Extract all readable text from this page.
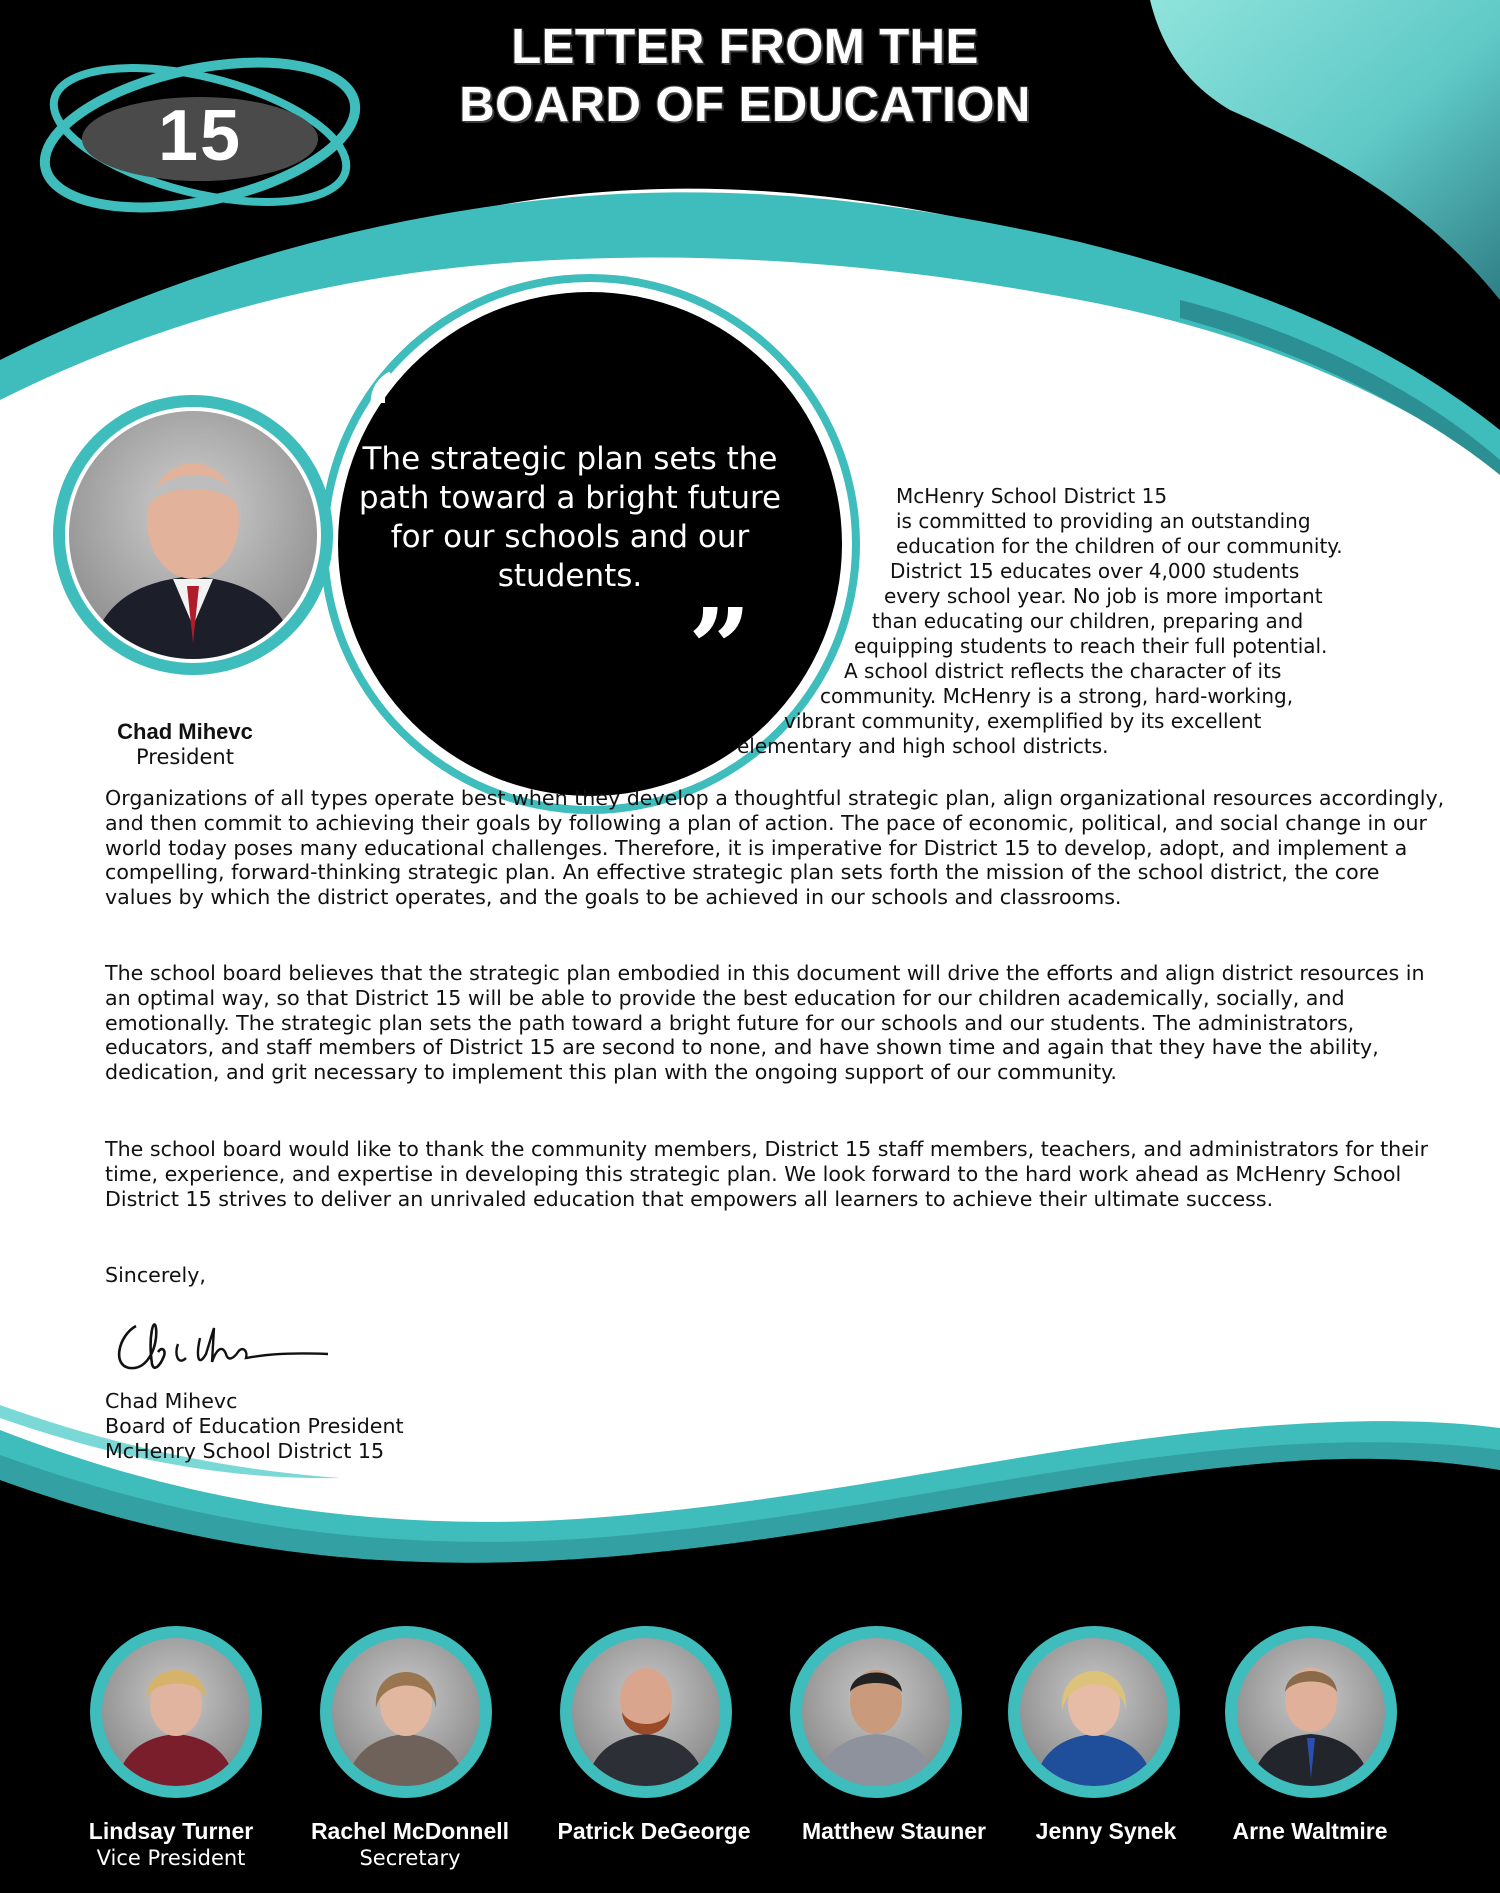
LETTER FROM THE
BOARD OF EDUCATION
15
Chad Mihevc
President
“
The strategic plan sets the path toward a bright future for our schools and our students.
”
McHenry School District 15
is committed to providing an outstanding
education for the children of our community.
District 15 educates over 4,000 students
every school year. No job is more important
than educating our children, preparing and
equipping students to reach their full potential.
A school district reflects the character of its
community. McHenry is a strong, hard-working,
vibrant community, exemplified by its excellent
elementary and high school districts.

Organizations of all types operate best when they develop a thoughtful strategic plan, align organizational resources accordingly, and then commit to achieving their goals by following a plan of action. The pace of economic, political, and social change in our world today poses many educational challenges. Therefore, it is imperative for District 15 to develop, adopt, and implement a compelling, forward-thinking strategic plan. An effective strategic plan sets forth the mission of the school district, the core values by which the district operates, and the goals to be achieved in our schools and classrooms.

The school board believes that the strategic plan embodied in this document will drive the efforts and align district resources in an optimal way, so that District 15 will be able to provide the best education for our children academically, socially, and emotionally. The strategic plan sets the path toward a bright future for our schools and our students. The administrators, educators, and staff members of District 15 are second to none, and have shown time and again that they have the ability, dedication, and grit necessary to implement this plan with the ongoing support of our community.

The school board would like to thank the community members, District 15 staff members, teachers, and administrators for their time, experience, and expertise in developing this strategic plan. We look forward to the hard work ahead as McHenry School District 15 strives to deliver an unrivaled education that empowers all learners to achieve their ultimate success.

Sincerely,
Chad Mihevc
Board of Education President
McHenry School District 15
Lindsay Turner
Vice President
Rachel McDonnell
Secretary
Patrick DeGeorge	Matthew Stauner	Jenny Synek	Arne Waltmire
